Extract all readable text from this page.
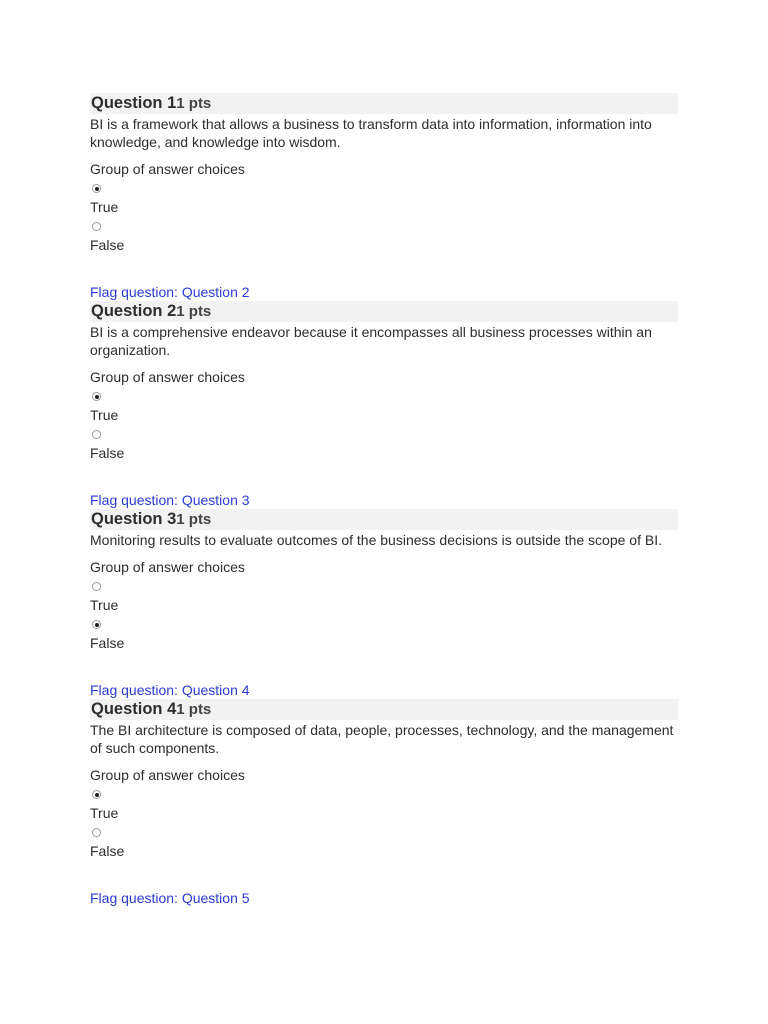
Question 11 pts
BI is a framework that allows a business to transform data into information, information into knowledge, and knowledge into wisdom.
Group of answer choices
True
False
Flag question: Question 2
Question 21 pts
BI is a comprehensive endeavor because it encompasses all business processes within an organization.
Group of answer choices
True
False
Flag question: Question 3
Question 31 pts
Monitoring results to evaluate outcomes of the business decisions is outside the scope of BI.
Group of answer choices
True
False
Flag question: Question 4
Question 41 pts
The BI architecture is composed of data, people, processes, technology, and the management of such components.
Group of answer choices
True
False
Flag question: Question 5
